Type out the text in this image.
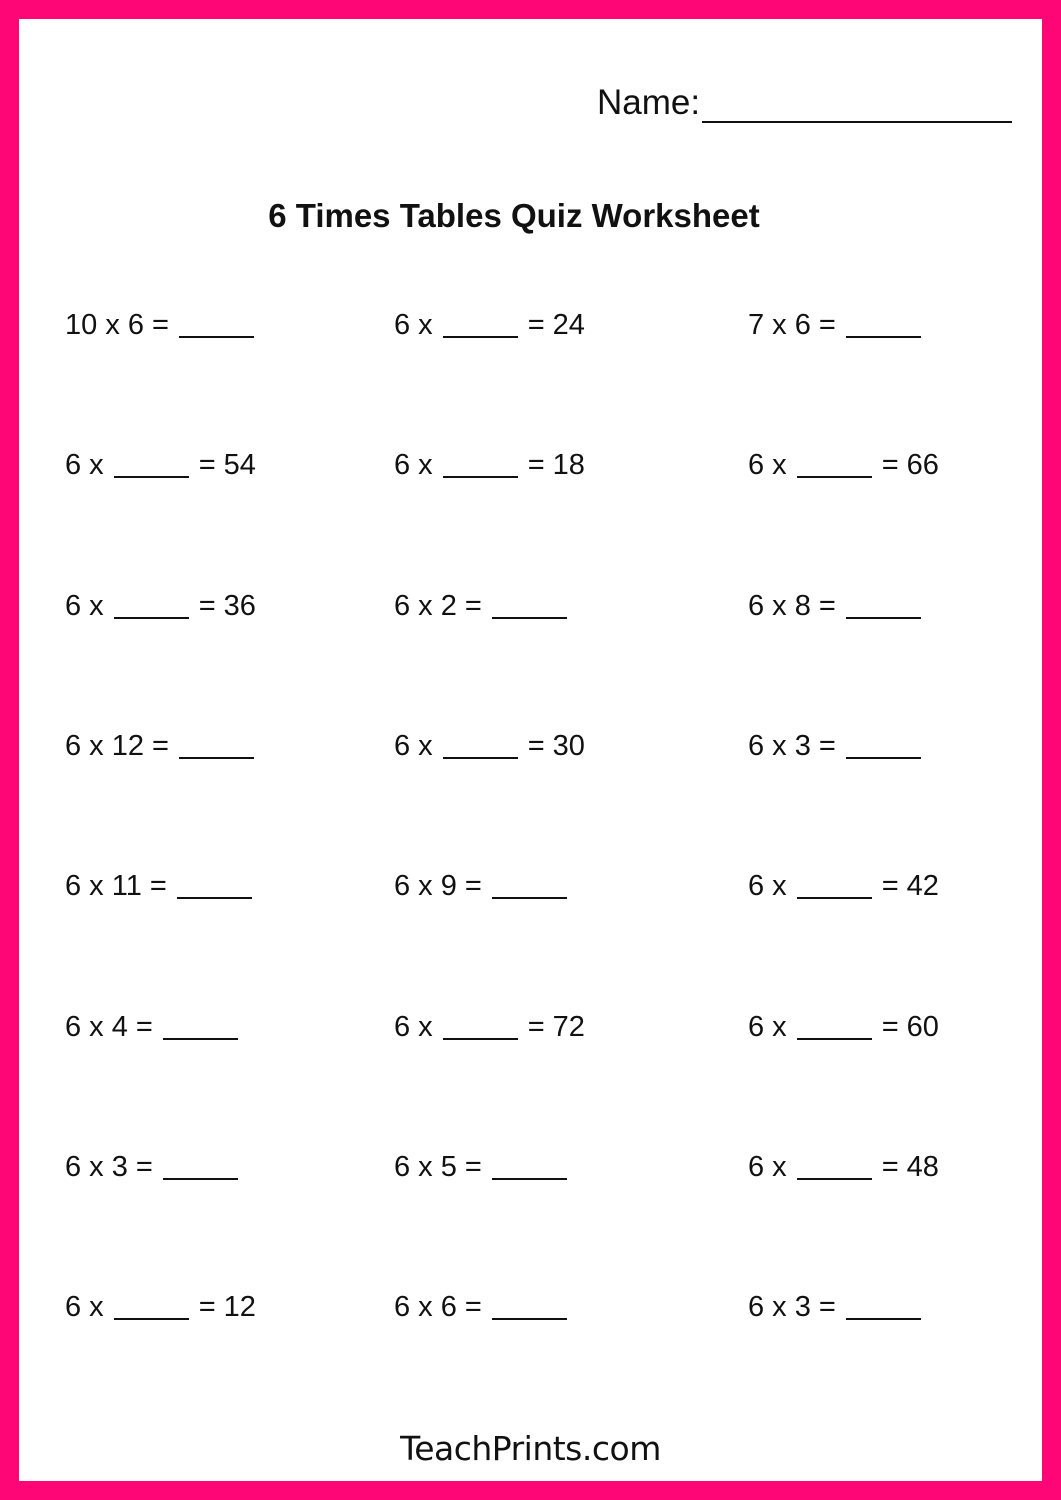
Name:
6 Times Tables Quiz Worksheet
10 x 6 =	6 x	= 24	7 x 6 =
6 x	= 54	6 x	= 18	6 x	= 66
6 x	= 36	6 x 2 =	6 x 8 =
6 x 12 =	6 x	= 30	6 x 3 =
6 x 11 =	6 x 9 =	6 x	= 42
6 x 4 =	6 x	= 72	6 x	= 60
6 x 3 =	6 x 5 =	6 x	= 48
6 x	= 12	6 x 6 =	6 x 3 =
TeachPrints.com
